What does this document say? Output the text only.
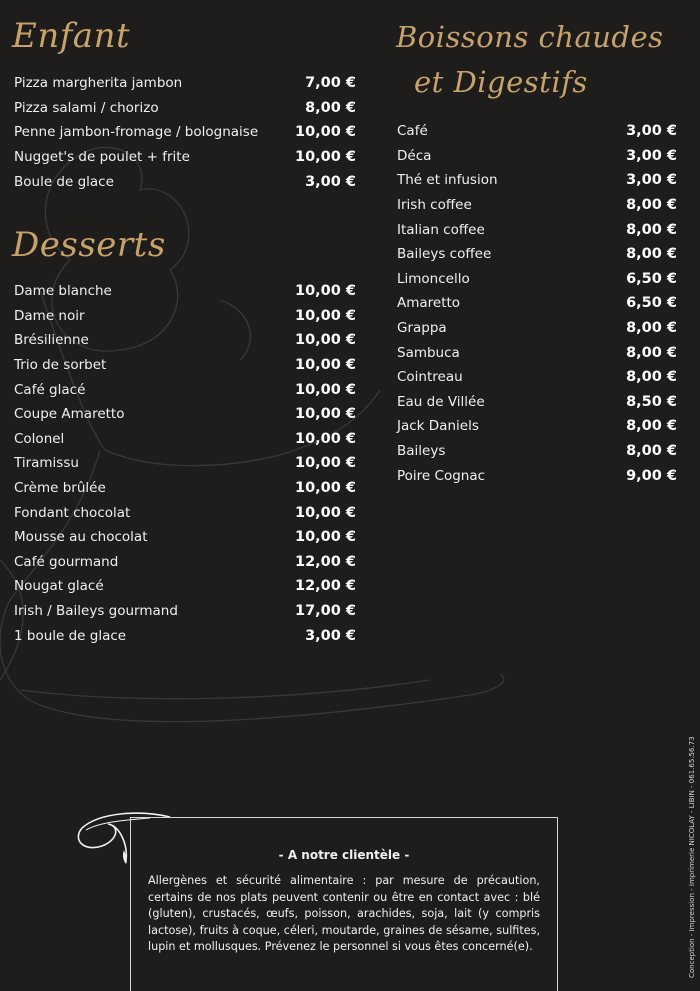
Enfant
Pizza margherita jambon	7,00 €
Pizza salami / chorizo	8,00 €
Penne jambon-fromage / bolognaise	10,00 €
Nugget's de poulet + frite	10,00 €
Boule de glace	3,00 €
Desserts
Dame blanche	10,00 €
Dame noir	10,00 €
Brésilienne	10,00 €
Trio de sorbet	10,00 €
Café glacé	10,00 €
Coupe Amaretto	10,00 €
Colonel	10,00 €
Tiramissu	10,00 €
Crème brûlée	10,00 €
Fondant chocolat	10,00 €
Mousse au chocolat	10,00 €
Café gourmand	12,00 €
Nougat glacé	12,00 €
Irish / Baileys gourmand	17,00 €
1 boule de glace	3,00 €
Boissons chaudes
et Digestifs
Café	3,00 €
Déca	3,00 €
Thé et infusion	3,00 €
Irish coffee	8,00 €
Italian coffee	8,00 €
Baileys coffee	8,00 €
Limoncello	6,50 €
Amaretto	6,50 €
Grappa	8,00 €
Sambuca	8,00 €
Cointreau	8,00 €
Eau de Villée	8,50 €
Jack Daniels	8,00 €
Baileys	8,00 €
Poire Cognac	9,00 €
- A notre clientèle -

Allergènes et sécurité alimentaire : par mesure de précaution, certains de nos plats peuvent contenir ou être en contact avec : blé (gluten), crustacés, œufs, poisson, arachides, soja, lait (y compris lactose), fruits à coque, céleri, moutarde, graines de sésame, sulfites, lupin et mollusques. Prévenez le personnel si vous êtes concerné(e).	Conception - Impression - Imprimerie NICOLAY - LIBIN - 061.65.56.73
